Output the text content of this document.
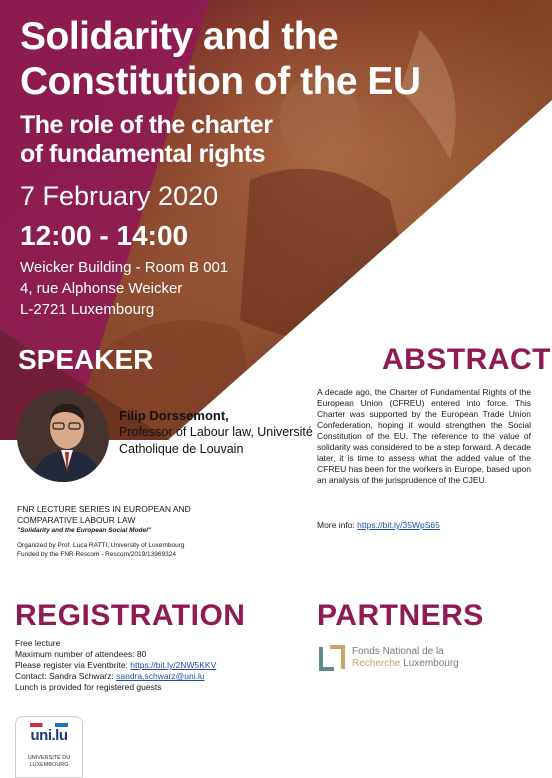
Solidarity and the
Constitution of the EU
The role of the charter
of fundamental rights
7 February 2020
12:00 - 14:00
Weicker Building - Room B 001
4, rue Alphonse Weicker
L-2721 Luxembourg
SPEAKER
Filip Dorssemont,
Professor of Labour law, Université
Catholique de Louvain
FNR LECTURE SERIES IN EUROPEAN AND
COMPARATIVE LABOUR LAW
"Solidarity and the European Social Model"
Organized by Prof. Luca RATTI, University of Luxembourg
Funded by the FNR Rescom - Rescom/2019/13969324
ABSTRACT
A decade ago, the Charter of Fundamental Rights of the European Union (CFREU) entered into force. This Charter was supported by the European Trade Union Confederation, hoping it would strengthen the Social Constitution of the EU. The reference to the value of solidarity was considered to be a step forward. A decade later, it is time to assess what the added value of the CFREU has been for the workers in Europe, based upon an analysis of the jurisprudence of the CJEU.
More info: https://bit.ly/35WpS65
REGISTRATION
Free lecture
Maximum number of attendees: 80
Please register via Eventbrite: https://bit.ly/2NW5KKV
Contact: Sandra Schwarz: sandra.schwarz@uni.lu
Lunch is provided for registered guests
PARTNERS
Fonds National de la
Recherche Luxembourg
uni.lu
UNIVERSITÉ DU
LUXEMBOURG
